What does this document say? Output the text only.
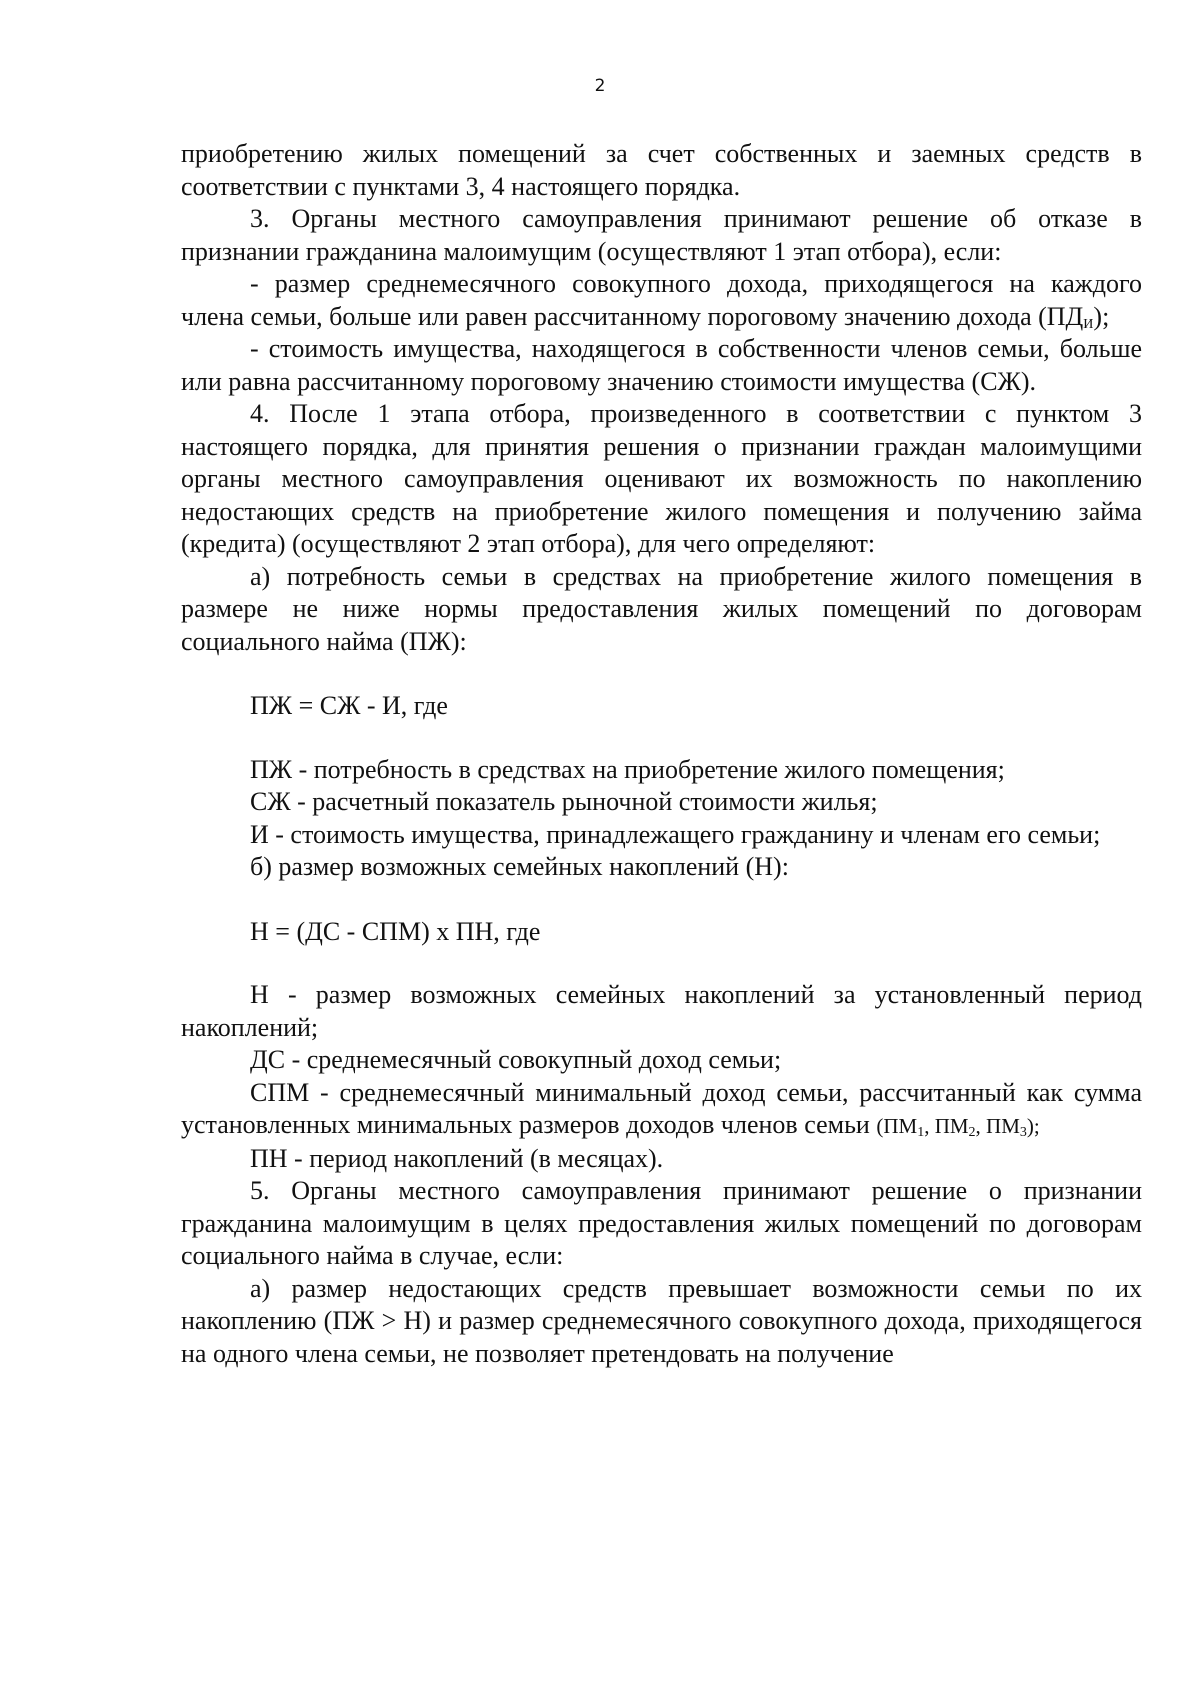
2

приобретению жилых помещений за счет собственных и заемных средств в соответствии с пунктами 3, 4 настоящего порядка.

3. Органы местного самоуправления принимают решение об отказе в признании гражданина малоимущим (осуществляют 1 этап отбора), если:

- размер среднемесячного совокупного дохода, приходящегося на каждого члена семьи, больше или равен рассчитанному пороговому значению дохода $(ПД_И)$;

- стоимость имущества, находящегося в собственности членов семьи, больше или равна рассчитанному пороговому значению стоимости имущества (СЖ).

4. После 1 этапа отбора, произведенного в соответствии с пунктом 3 настоящего порядка, для принятия решения о признании граждан малоимущими органы местного самоуправления оценивают их возможность по накоплению недостающих средств на приобретение жилого помещения и получению займа (кредита) (осуществляют 2 этап отбора), для чего определяют:

а) потребность семьи в средствах на приобретение жилого помещения в размере не ниже нормы предоставления жилых помещений по договорам социального найма (ПЖ):

ПЖ = СЖ - И, где

ПЖ - потребность в средствах на приобретение жилого помещения;

СЖ - расчетный показатель рыночной стоимости жилья;

И - стоимость имущества, принадлежащего гражданину и членам его семьи;

б) размер возможных семейных накоплений (Н):

Н = (ДС - СПМ) х ПН, где

Н - размер возможных семейных накоплений за установленный период накоплений;

ДС - среднемесячный совокупный доход семьи;

СПМ - среднемесячный минимальный доход семьи, рассчитанный как сумма установленных минимальных размеров доходов членов семьи ($ПМ_1$, $ПМ_2$, $ПМ_3$);

ПН - период накоплений (в месяцах).

5. Органы местного самоуправления принимают решение о признании гражданина малоимущим в целях предоставления жилых помещений по договорам социального найма в случае, если:

а) размер недостающих средств превышает возможности семьи по их накоплению (ПЖ > Н) и размер среднемесячного совокупного дохода, приходящегося на одного члена семьи, не позволяет претендовать на получение
